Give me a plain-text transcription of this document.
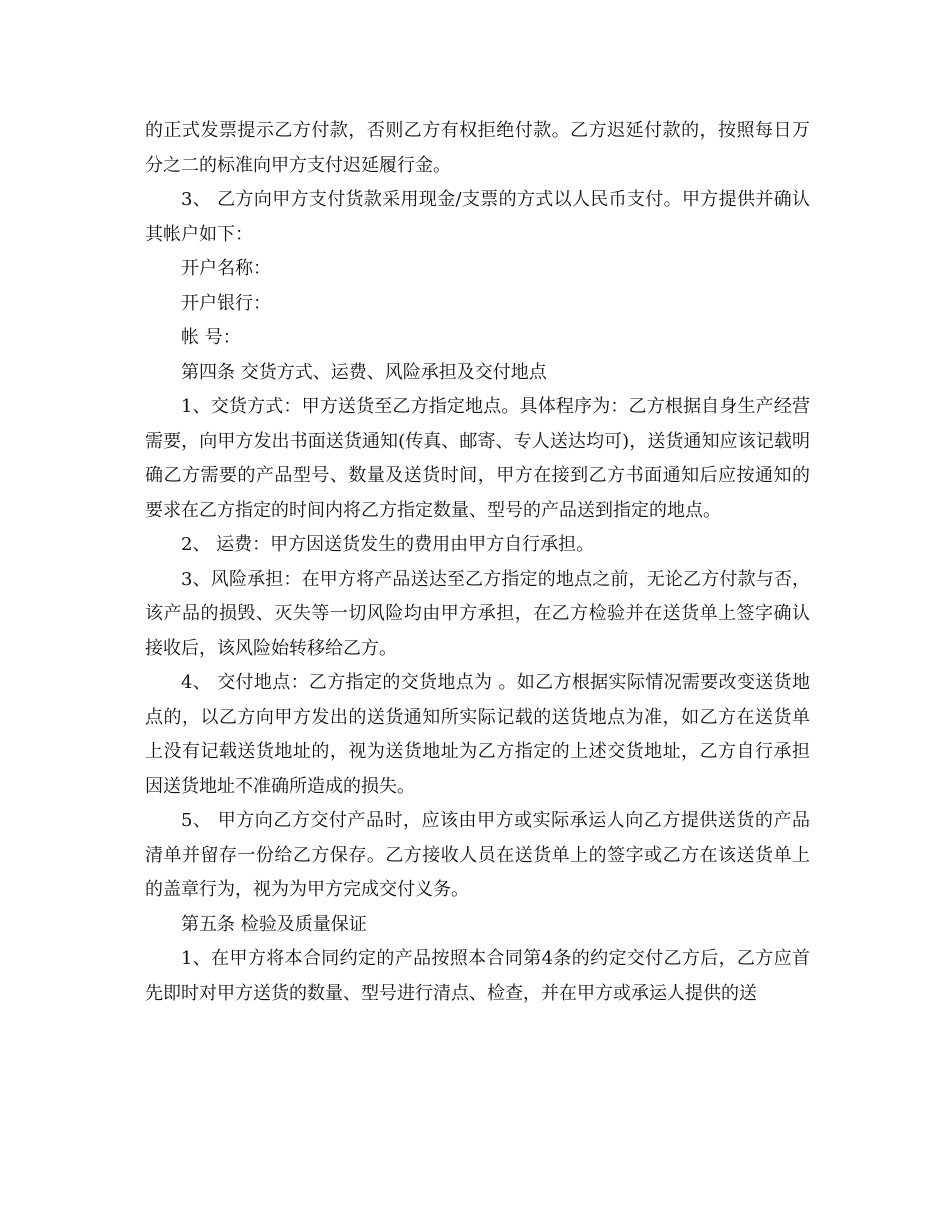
的正式发票提示乙方付款，否则乙方有权拒绝付款。乙方迟延付款的，按照每日万分之二的标准向甲方支付迟延履行金。

3、 乙方向甲方支付货款采用现金/支票的方式以人民币支付。甲方提供并确认其帐户如下：

开户名称：

开户银行：

帐 号：

第四条 交货方式、运费、风险承担及交付地点

1、交货方式：甲方送货至乙方指定地点。具体程序为：乙方根据自身生产经营需要，向甲方发出书面送货通知(传真、邮寄、专人送达均可)，送货通知应该记载明确乙方需要的产品型号、数量及送货时间，甲方在接到乙方书面通知后应按通知的要求在乙方指定的时间内将乙方指定数量、型号的产品送到指定的地点。

2、 运费：甲方因送货发生的费用由甲方自行承担。

3、风险承担：在甲方将产品送达至乙方指定的地点之前，无论乙方付款与否，该产品的损毁、灭失等一切风险均由甲方承担，在乙方检验并在送货单上签字确认接收后，该风险始转移给乙方。

4、 交付地点：乙方指定的交货地点为 。如乙方根据实际情况需要改变送货地点的，以乙方向甲方发出的送货通知所实际记载的送货地点为准，如乙方在送货单上没有记载送货地址的，视为送货地址为乙方指定的上述交货地址，乙方自行承担因送货地址不准确所造成的损失。

5、 甲方向乙方交付产品时，应该由甲方或实际承运人向乙方提供送货的产品清单并留存一份给乙方保存。乙方接收人员在送货单上的签字或乙方在该送货单上的盖章行为，视为为甲方完成交付义务。

第五条 检验及质量保证

1、在甲方将本合同约定的产品按照本合同第4条的约定交付乙方后，乙方应首先即时对甲方送货的数量、型号进行清点、检查，并在甲方或承运人提供的送
